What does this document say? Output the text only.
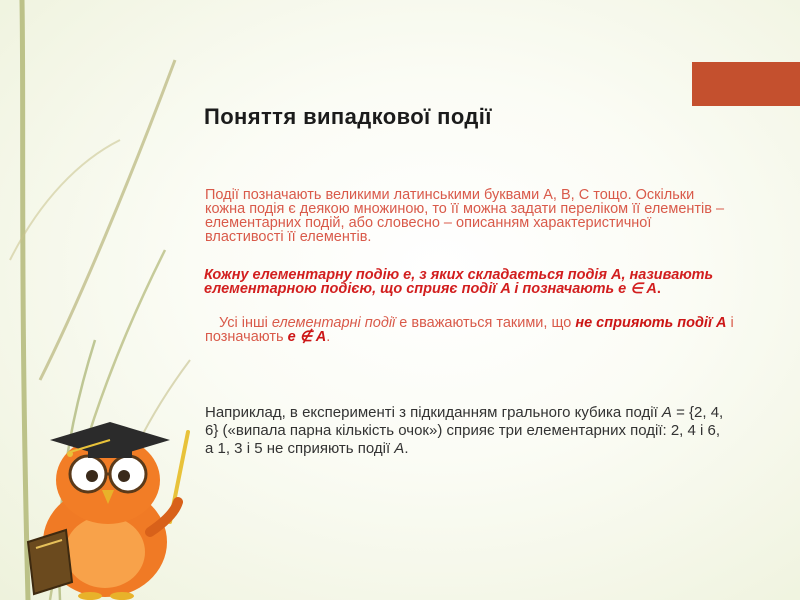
Поняття випадкової події
Події позначають великими латинськими буквами A, B, C тощо. Оскільки кожна подія є деякою множиною, то її можна задати переліком її елементів – елементарних подій, або словесно – описанням характеристичної властивості її елементів.
Кожну елементарну подію e, з яких складається подія A, називають елементарною подією, що сприяє події A і позначають e ∈ A.
Усі інші елементарні події e вважаються такими, що не сприяють події A і позначають e ∉ A.
Наприклад, в експерименті з підкиданням грального кубика події A = {2, 4, 6} («випала парна кількість очок») сприяє три елементарних події: 2, 4 і 6, а 1, 3 і 5 не сприяють події A.
